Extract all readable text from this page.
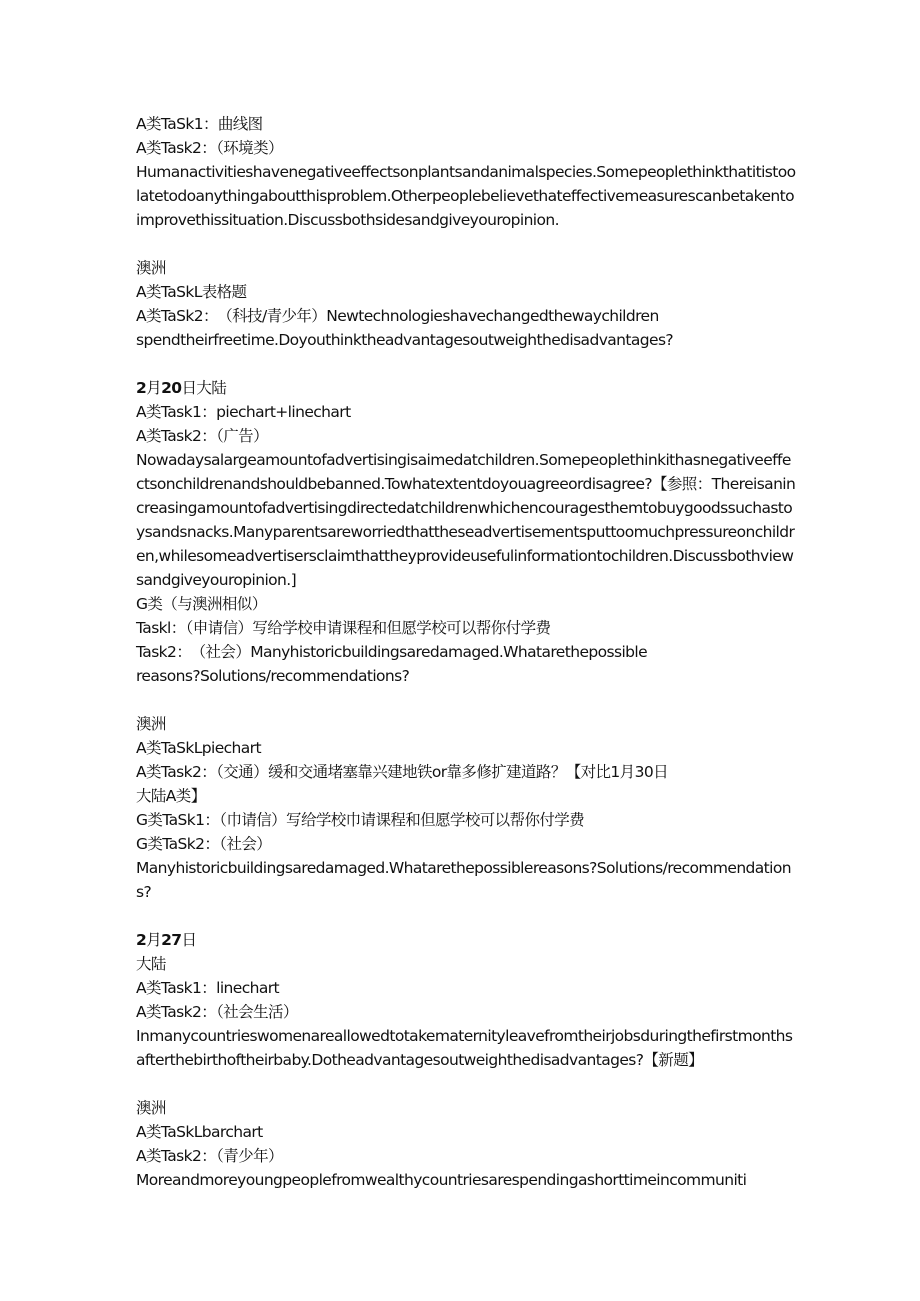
A类TaSk1：曲线图
A类Task2：（环境类）

Humanactivitieshavenegativeeffectsonplantsandanimalspecies.Somepeoplethinkthatitistoolatetodoanythingaboutthisproblem.Otherpeoplebelievethateffectivemeasurescanbetakentoimprovethissituation.Discussbothsidesandgiveyouropinion.

澳洲
A类TaSkL表格题
A类TaSk2：　（科技/青少年）Newtechnologieshavechangedthewaychildren
spendtheirfreetime.Doyouthinktheadvantagesoutweighthedisadvantages?
2月20日大陆
A类Task1：piechart+linechart
A类Task2：（广告）

Nowadaysalargeamountofadvertisingisaimedatchildren.Somepeoplethinkithasnegativeeffectsonchildrenandshouldbebanned.Towhatextentdoyouagreeordisagree?【参照：Thereisanincreasingamountofadvertisingdirectedatchildrenwhichencouragesthemtobuygoodssuchastoysandsnacks.Manyparentsareworriedthattheseadvertisementsputtoomuchpressureonchildren,whilesomeadvertisersclaimthattheyprovideusefulinformationtochildren.Discussbothviewsandgiveyouropinion.]

G类（与澳洲相似）
Taskl：（申请信）写给学校申请课程和但愿学校可以帮你付学费
Task2：　（社会）Manyhistoricbuildingsaredamaged.Whatarethepossible
reasons?Solutions/recommendations?
澳洲
A类TaSkLpiechart
A类Task2：（交通）缓和交通堵塞靠兴建地铁or靠多修扩建道路？【对比1月30日
大陆A类】
G类TaSk1：（巾请信）写给学校巾请课程和但愿学校可以帮你付学费
G类TaSk2：（社会）

Manyhistoricbuildingsaredamaged.Whatarethepossiblereasons?Solutions/recommendations?

2月27日
大陆
A类Task1：linechart
A类Task2：（社会生活）

Inmanycountrieswomenareallowedtotakematernityleavefromtheirjobsduringthefirstmonthsafterthebirthoftheirbaby.Dotheadvantagesoutweighthedisadvantages?【新题】

澳洲
A类TaSkLbarchart
A类Task2：（青少年）

Moreandmoreyoungpeoplefromwealthycountriesarespendingashorttimeincommuniti
